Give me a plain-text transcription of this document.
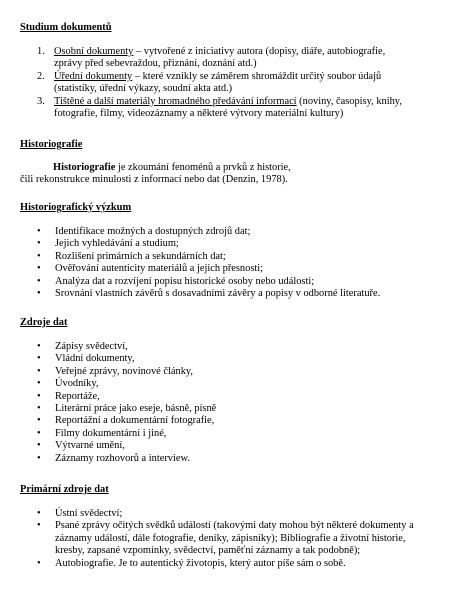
Studium dokumentů
1. Osobní dokumenty – vytvořené z iniciativy autora (dopisy, diáře, autobiografie,
zprávy před sebevraždou, přiznání, doznání atd.)
2. Úřední dokumenty – které vznikly se záměrem shromáždit určitý soubor údajů
(statistiky, úřední výkazy, soudní akta atd.)
3. Tištěné a další materiály hromadného předávání informací (noviny, časopisy, knihy,
fotografie, filmy, videozáznamy a některé výtvory materiální kultury)
Historiografie
Historiografie je zkoumání fenoménů a prvků z historie,
čili rekonstrukce minulosti z informací nebo dat (Denzin, 1978).
Historiografický výzkum
• Identifikace možných a dostupných zdrojů dat;
• Jejich vyhledávání a studium;
• Rozlišení primárních a sekundárních dat;
• Ověřování autenticity materiálů a jejich přesnosti;
• Analýza dat a rozvíjení popisu historické osoby nebo události;
• Srovnání vlastních závěrů s dosavadními závěry a popisy v odborné literatuře.
Zdroje dat
• Zápisy svědectví,
• Vládní dokumenty,
• Veřejné zprávy, novinové články,
• Úvodníky,
• Reportáže,
• Literární práce jako eseje, básně, písně
• Reportážní a dokumentární fotografie,
• Filmy dokumentární i jiné,
• Výtvarné umění,
• Záznamy rozhovorů a interview.
Primární zdroje dat
• Ústní svědectví;
• Psané zprávy očitých svědků událostí (takovými daty mohou být některé dokumenty a
záznamy událostí, dále fotografie, deníky, zápisníky); Bibliografie a životní historie,
kresby, zapsané vzpomínky, svědectví, paměťní záznamy a tak podobně);
• Autobiografie. Je to autentický životopis, který autor píše sám o sobě.
